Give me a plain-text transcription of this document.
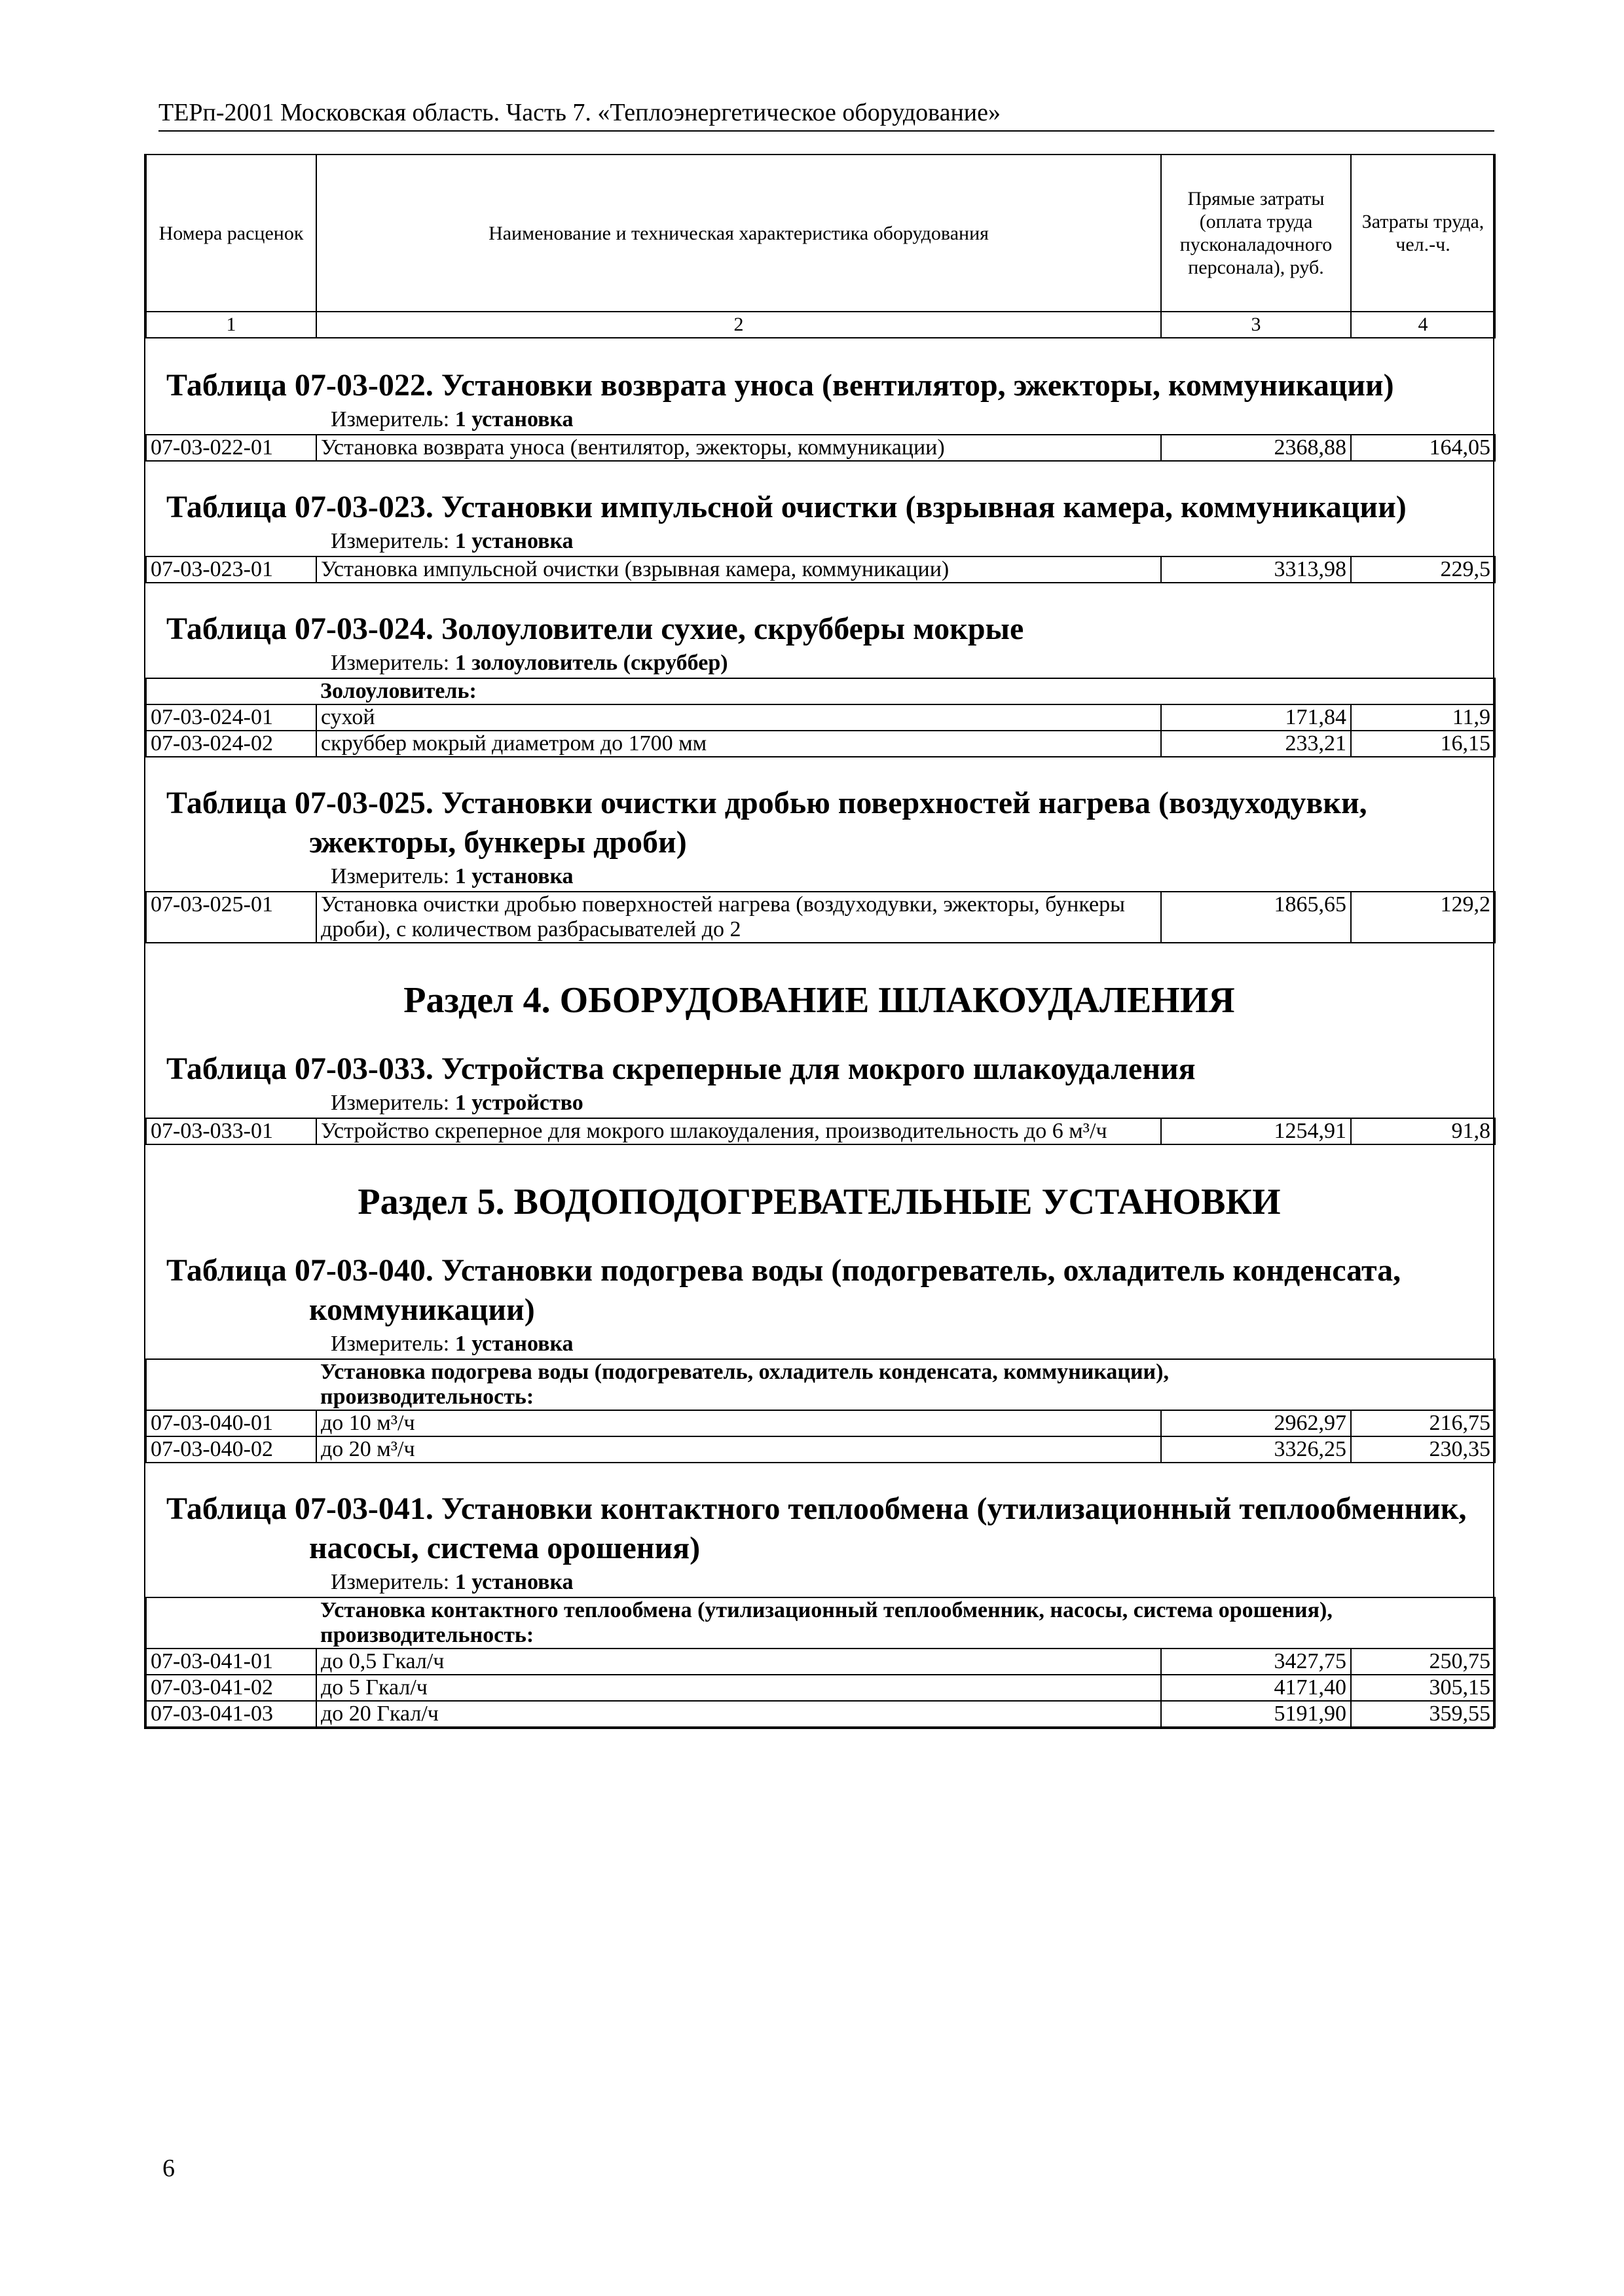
ТЕРп-2001 Московская область. Часть 7. «Теплоэнергетическое оборудование»
Номера расценок	Наименование и техническая характеристика оборудования	Прямые затраты (оплата труда пусконаладочного персонала), руб.	Затраты труда, чел.-ч.
1	2	3	4

Таблица 07-03-022. Установки возврата уноса (вентилятор, эжекторы, коммуникации)

Измеритель: 1 установка

07-03-022-01	Установка возврата уноса (вентилятор, эжекторы, коммуникации)	2368,88	164,05

Таблица 07-03-023. Установки импульсной очистки (взрывная камера, коммуникации)

Измеритель: 1 установка

07-03-023-01	Установка импульсной очистки (взрывная камера, коммуникации)	3313,98	229,5

Таблица 07-03-024. Золоуловители сухие, скрубберы мокрые

Измеритель: 1 золоуловитель (скруббер)

	Золоуловитель:		
07-03-024-01	сухой	171,84	11,9
07-03-024-02	скруббер мокрый диаметром до 1700 мм	233,21	16,15

Таблица 07-03-025. Установки очистки дробью поверхностей нагрева (воздуходувки, эжекторы, бункеры дроби)

Измеритель: 1 установка

07-03-025-01	Установка очистки дробью поверхностей нагрева (воздуходувки, эжекторы, бункеры дроби), с количеством разбрасывателей до 2	1865,65	129,2

Раздел 4. ОБОРУДОВАНИЕ ШЛАКОУДАЛЕНИЯ

Таблица 07-03-033. Устройства скреперные для мокрого шлакоудаления

Измеритель: 1 устройство

07-03-033-01	Устройство скреперное для мокрого шлакоудаления, производительность до 6 м³/ч	1254,91	91,8

Раздел 5. ВОДОПОДОГРЕВАТЕЛЬНЫЕ УСТАНОВКИ

Таблица 07-03-040. Установки подогрева воды (подогреватель, охладитель конденсата, коммуникации)

Измеритель: 1 установка

	Установка подогрева воды (подогреватель, охладитель конденсата, коммуникации), производительность:		
07-03-040-01	до 10 м³/ч	2962,97	216,75
07-03-040-02	до 20 м³/ч	3326,25	230,35

Таблица 07-03-041. Установки контактного теплообмена (утилизационный теплообменник, насосы, система орошения)

Измеритель: 1 установка

	Установка контактного теплообмена (утилизационный теплообменник, насосы, система орошения), производительность:		
07-03-041-01	до 0,5 Гкал/ч	3427,75	250,75
07-03-041-02	до 5 Гкал/ч	4171,40	305,15
07-03-041-03	до 20 Гкал/ч	5191,90	359,55
6
